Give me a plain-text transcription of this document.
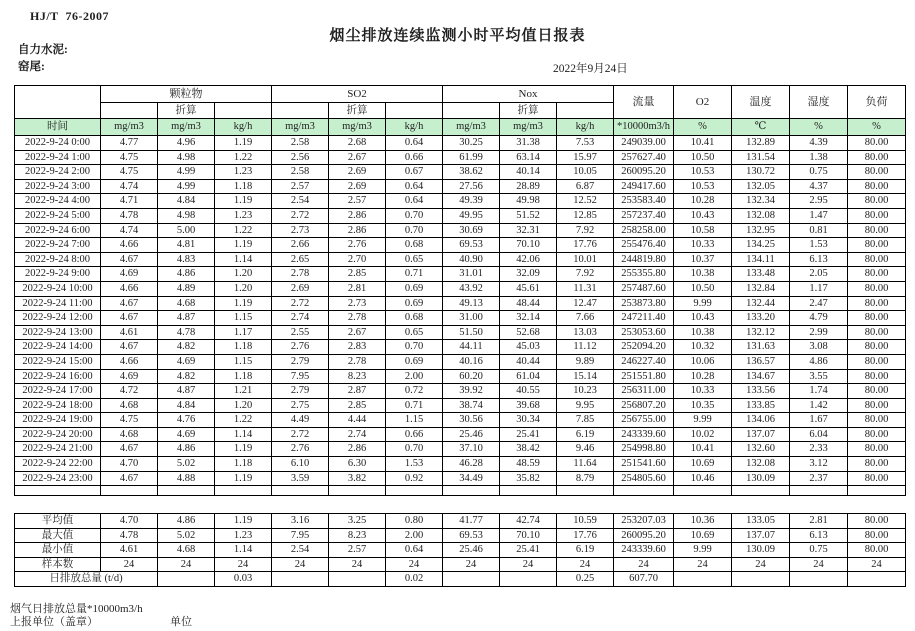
HJ/T  76-2007
烟尘排放连续监测小时平均值日报表
自力水泥:
窑尾:	2022年9月24日
	颗粒物			SO2			Nox			流量	O2	温度	湿度	负荷
		折算			折算			折算						
时间	mg/m3	mg/m3	kg/h	mg/m3	mg/m3	kg/h	mg/m3	mg/m3	kg/h	*10000m3/h	%	℃	%	%
2022-9-24 0:00	4.77	4.96	1.19	2.58	2.68	0.64	30.25	31.38	7.53	249039.00	10.41	132.89	4.39	80.00
2022-9-24 1:00	4.75	4.98	1.22	2.56	2.67	0.66	61.99	63.14	15.97	257627.40	10.50	131.54	1.38	80.00
2022-9-24 2:00	4.75	4.99	1.23	2.58	2.69	0.67	38.62	40.14	10.05	260095.20	10.53	130.72	0.75	80.00
2022-9-24 3:00	4.74	4.99	1.18	2.57	2.69	0.64	27.56	28.89	6.87	249417.60	10.53	132.05	4.37	80.00
2022-9-24 4:00	4.71	4.84	1.19	2.54	2.57	0.64	49.39	49.98	12.52	253583.40	10.28	132.34	2.95	80.00
2022-9-24 5:00	4.78	4.98	1.23	2.72	2.86	0.70	49.95	51.52	12.85	257237.40	10.43	132.08	1.47	80.00
2022-9-24 6:00	4.74	5.00	1.22	2.73	2.86	0.70	30.69	32.31	7.92	258258.00	10.58	132.95	0.81	80.00
2022-9-24 7:00	4.66	4.81	1.19	2.66	2.76	0.68	69.53	70.10	17.76	255476.40	10.33	134.25	1.53	80.00
2022-9-24 8:00	4.67	4.83	1.14	2.65	2.70	0.65	40.90	42.06	10.01	244819.80	10.37	134.11	6.13	80.00
2022-9-24 9:00	4.69	4.86	1.20	2.78	2.85	0.71	31.01	32.09	7.92	255355.80	10.38	133.48	2.05	80.00
2022-9-24 10:00	4.66	4.89	1.20	2.69	2.81	0.69	43.92	45.61	11.31	257487.60	10.50	132.84	1.17	80.00
2022-9-24 11:00	4.67	4.68	1.19	2.72	2.73	0.69	49.13	48.44	12.47	253873.80	9.99	132.44	2.47	80.00
2022-9-24 12:00	4.67	4.87	1.15	2.74	2.78	0.68	31.00	32.14	7.66	247211.40	10.43	133.20	4.79	80.00
2022-9-24 13:00	4.61	4.78	1.17	2.55	2.67	0.65	51.50	52.68	13.03	253053.60	10.38	132.12	2.99	80.00
2022-9-24 14:00	4.67	4.82	1.18	2.76	2.83	0.70	44.11	45.03	11.12	252094.20	10.32	131.63	3.08	80.00
2022-9-24 15:00	4.66	4.69	1.15	2.79	2.78	0.69	40.16	40.44	9.89	246227.40	10.06	136.57	4.86	80.00
2022-9-24 16:00	4.69	4.82	1.18	7.95	8.23	2.00	60.20	61.04	15.14	251551.80	10.28	134.67	3.55	80.00
2022-9-24 17:00	4.72	4.87	1.21	2.79	2.87	0.72	39.92	40.55	10.23	256311.00	10.33	133.56	1.74	80.00
2022-9-24 18:00	4.68	4.84	1.20	2.75	2.85	0.71	38.74	39.68	9.95	256807.20	10.35	133.85	1.42	80.00
2022-9-24 19:00	4.75	4.76	1.22	4.49	4.44	1.15	30.56	30.34	7.85	256755.00	9.99	134.06	1.67	80.00
2022-9-24 20:00	4.68	4.69	1.14	2.72	2.74	0.66	25.46	25.41	6.19	243339.60	10.02	137.07	6.04	80.00
2022-9-24 21:00	4.67	4.86	1.19	2.76	2.86	0.70	37.10	38.42	9.46	254998.80	10.41	132.60	2.33	80.00
2022-9-24 22:00	4.70	5.02	1.18	6.10	6.30	1.53	46.28	48.59	11.64	251541.60	10.69	132.08	3.12	80.00
2022-9-24 23:00	4.67	4.88	1.19	3.59	3.82	0.92	34.49	35.82	8.79	254805.60	10.46	130.09	2.37	80.00

平均值	4.70	4.86	1.19	3.16	3.25	0.80	41.77	42.74	10.59	253207.03	10.36	133.05	2.81	80.00
最大值	4.78	5.02	1.23	7.95	8.23	2.00	69.53	70.10	17.76	260095.20	10.69	137.07	6.13	80.00
最小值	4.61	4.68	1.14	2.54	2.57	0.64	25.46	25.41	6.19	243339.60	9.99	130.09	0.75	80.00
样本数	24	24	24	24	24	24	24	24	24	24	24	24	24	24
日排放总量 (t/d)			0.03			0.02			0.25	607.70				
烟气日排放总量*10000m3/h
上报单位（盖章）	单位
